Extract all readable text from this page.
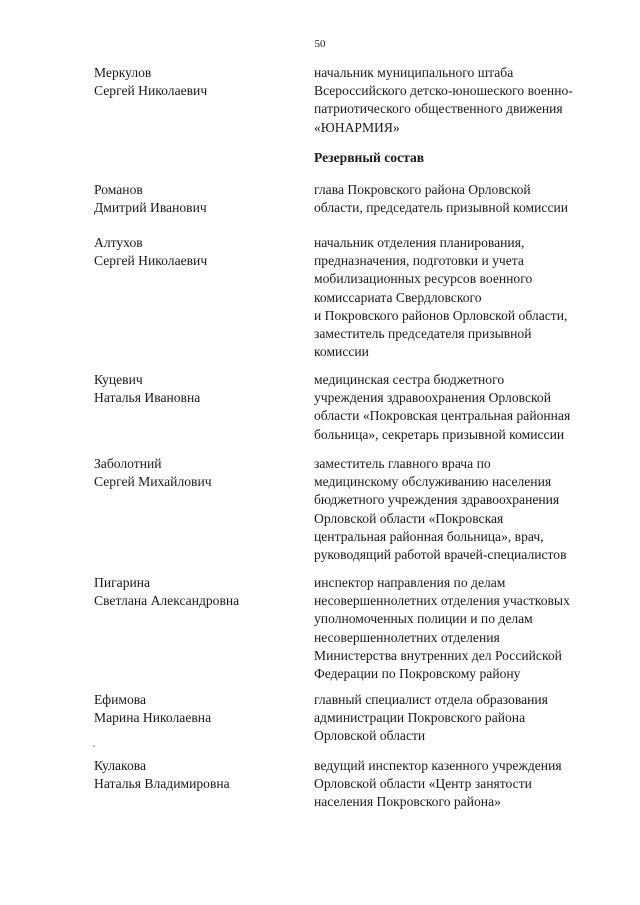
50
Меркулов
Сергей Николаевич
начальник муниципального штаба
Всероссийского детско-юношеского военно-
патриотического общественного движения
«ЮНАРМИЯ»
Резервный состав
Романов
Дмитрий Иванович
глава Покровского района Орловской
области, председатель призывной комиссии
Алтухов
Сергей Николаевич
начальник отделения планирования,
предназначения, подготовки и учета
мобилизационных ресурсов военного
комиссариата Свердловского
и Покровского районов Орловской области,
заместитель председателя призывной
комиссии
Куцевич
Наталья Ивановна
медицинская сестра бюджетного
учреждения здравоохранения Орловской
области «Покровская центральная районная
больница», секретарь призывной комиссии
Заболотний
Сергей Михайлович
заместитель главного врача по
медицинскому обслуживанию населения
бюджетного учреждения здравоохранения
Орловской области «Покровская
центральная районная больница», врач,
руководящий работой врачей-специалистов
Пигарина
Светлана Александровна
инспектор направления по делам
несовершеннолетних отделения участковых
уполномоченных полиции и по делам
несовершеннолетних отделения
Министерства внутренних дел Российской
Федерации по Покровскому району
Ефимова
Марина Николаевна
главный специалист отдела образования
администрации Покровского района
Орловской области
Кулакова
Наталья Владимировна
ведущий инспектор казенного учреждения
Орловской области «Центр занятости
населения Покровского района»
